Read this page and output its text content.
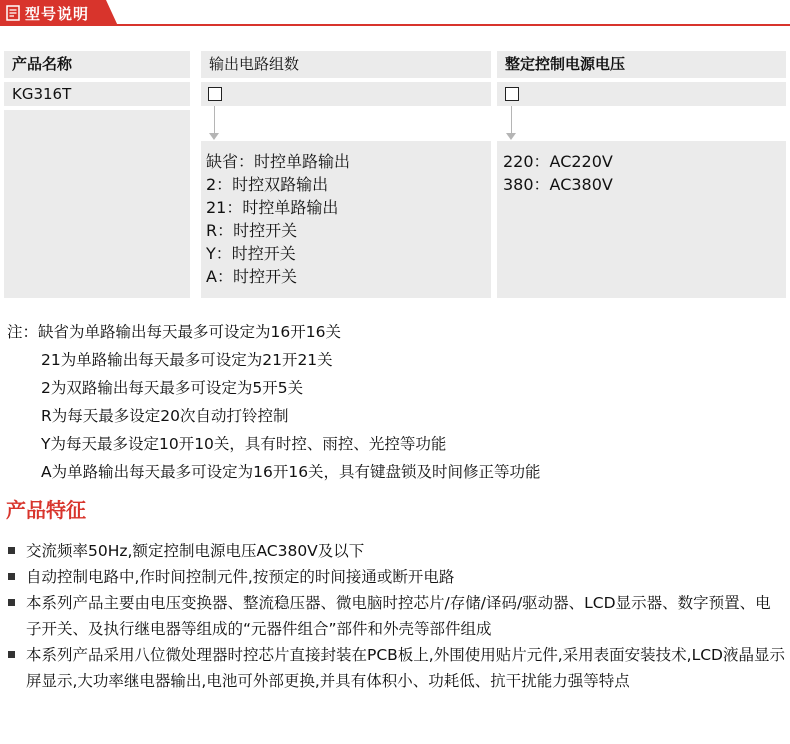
型号说明
产品名称
KG316T
输出电路组数
缺省：时控单路输出
2：时控双路输出
21：时控单路输出
R：时控开关
Y：时控开关
A：时控开关
整定控制电源电压
220：AC220V
380：AC380V
注：缺省为单路输出每天最多可设定为16开16关
21为单路输出每天最多可设定为21开21关
2为双路输出每天最多可设定为5开5关
R为每天最多设定20次自动打铃控制
Y为每天最多设定10开10关，具有时控、雨控、光控等功能
A为单路输出每天最多可设定为16开16关，具有键盘锁及时间修正等功能
产品特征
交流频率50Hz,额定控制电源电压AC380V及以下
自动控制电路中,作时间控制元件,按预定的时间接通或断开电路
本系列产品主要由电压变换器、整流稳压器、微电脑时控芯片/存储/译码/驱动器、LCD显示器、数字预置、电子开关、及执行继电器等组成的“元器件组合”部件和外壳等部件组成
本系列产品采用八位微处理器时控芯片直接封装在PCB板上,外围使用贴片元件,采用表面安装技术,LCD液晶显示屏显示,大功率继电器输出,电池可外部更换,并具有体积小、功耗低、抗干扰能力强等特点
